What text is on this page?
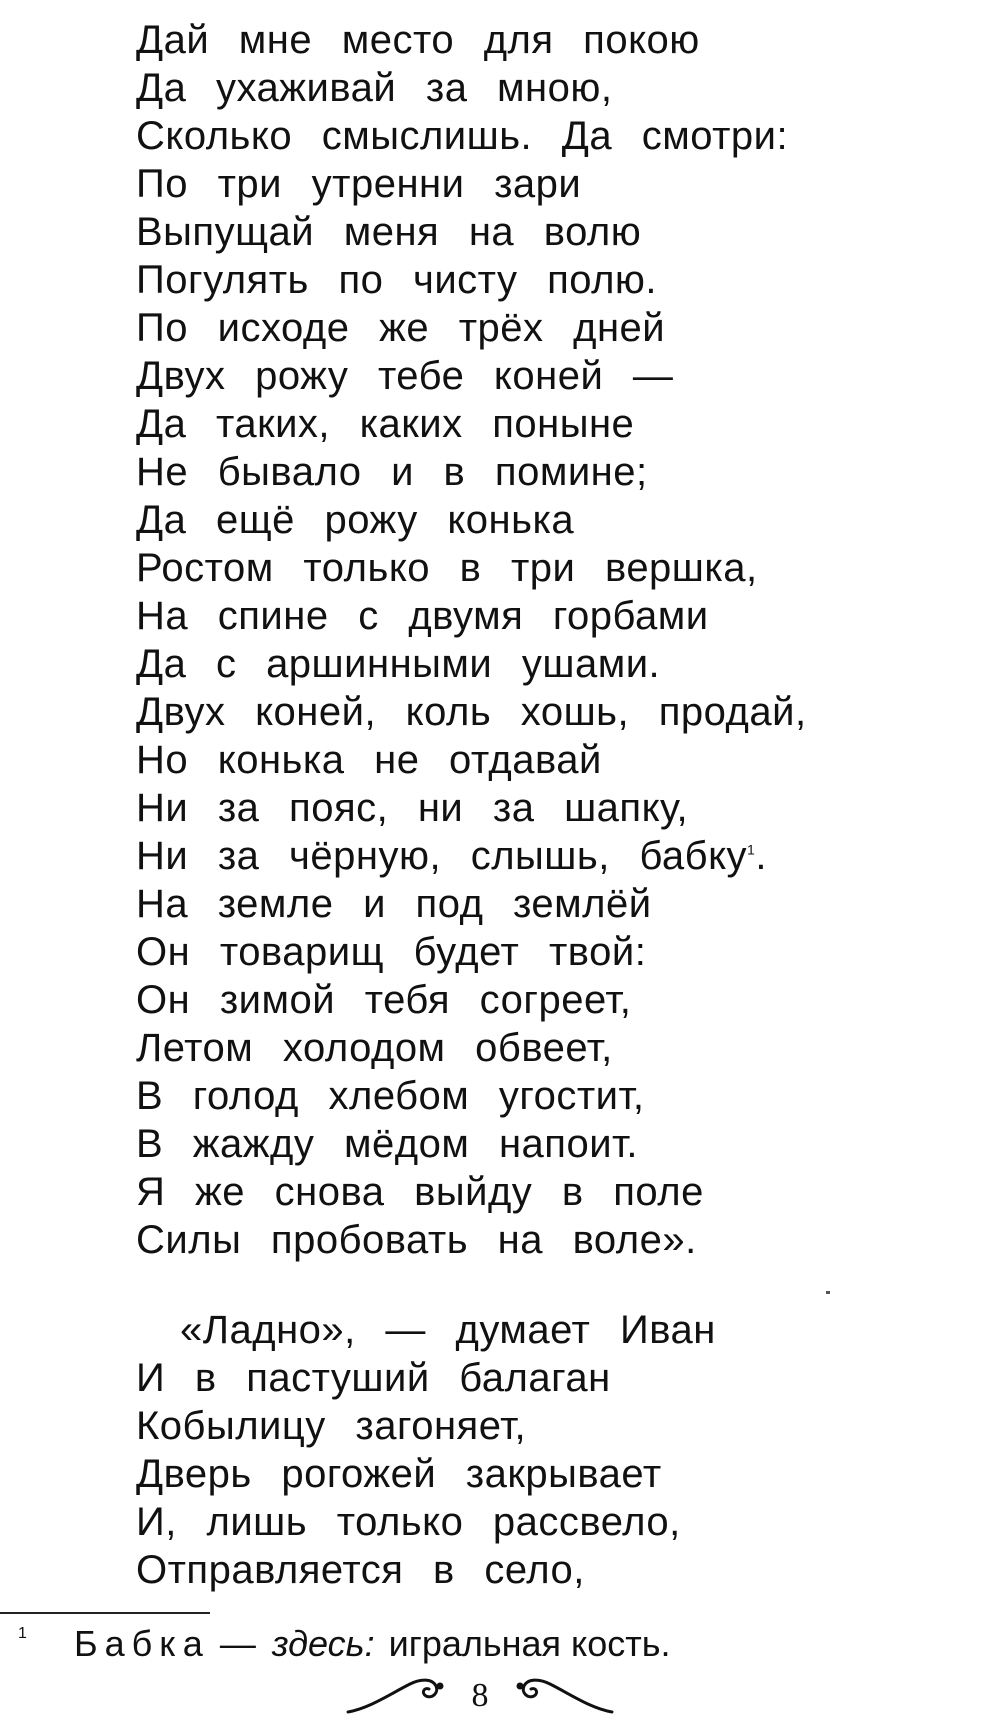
Дай мне место для покою
Да ухаживай за мною,
Сколько смыслишь. Да смотри:
По три утренни зари
Выпущай меня на волю
Погулять по чисту полю.
По исходе же трёх дней
Двух рожу тебе коней —
Да таких, каких поныне
Не бывало и в помине;
Да ещё рожу конька
Ростом только в три вершка,
На спине с двумя горбами
Да с аршинными ушами.
Двух коней, коль хошь, продай,
Но конька не отдавай
Ни за пояс, ни за шапку,
Ни за чёрную, слышь, бабку$^1$.
На земле и под землёй
Он товарищ будет твой:
Он зимой тебя согреет,
Летом холодом обвеет,
В голод хлебом угостит,
В жажду мёдом напоит.
Я же снова выйду в поле
Силы пробовать на воле».
«Ладно», — думает Иван
И в пастуший балаган
Кобылицу загоняет,
Дверь рогожей закрывает
И, лишь только рассвело,
Отправляется в село,
1 Бабка — здесь: игральная кость.
8
